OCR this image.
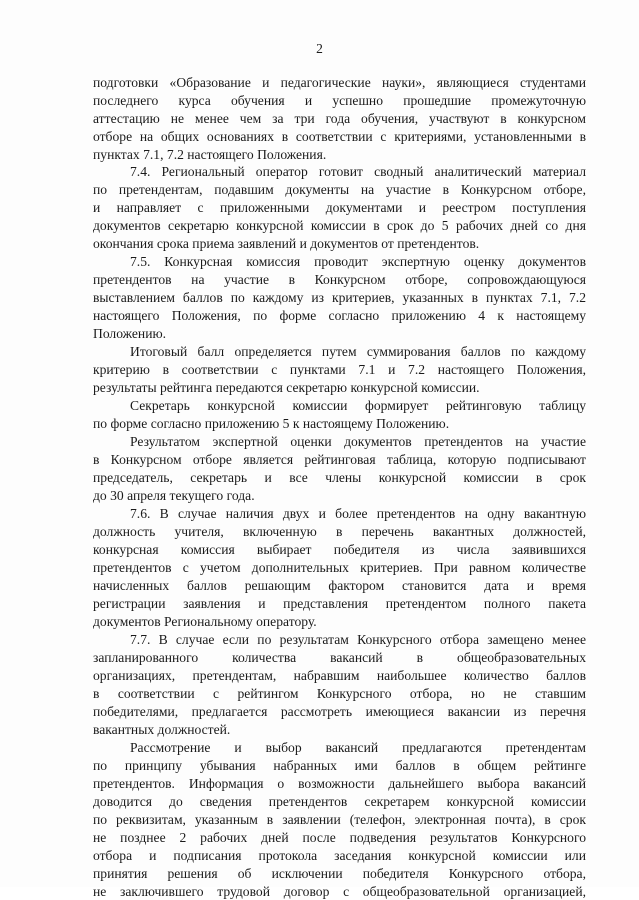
2
подготовки «Образование и педагогические науки», являющиеся студентами
последнего курса обучения и успешно прошедшие промежуточную
аттестацию не менее чем за три года обучения, участвуют в конкурсном
отборе на общих основаниях в соответствии с критериями, установленными в
пунктах 7.1, 7.2 настоящего Положения.
7.4. Региональный оператор готовит сводный аналитический материал
по претендентам, подавшим документы на участие в Конкурсном отборе,
и направляет с приложенными документами и реестром поступления
документов секретарю конкурсной комиссии в срок до 5 рабочих дней со дня
окончания срока приема заявлений и документов от претендентов.
7.5. Конкурсная комиссия проводит экспертную оценку документов
претендентов на участие в Конкурсном отборе, сопровождающуюся
выставлением баллов по каждому из критериев, указанных в пунктах 7.1, 7.2
настоящего Положения, по форме согласно приложению 4 к настоящему
Положению.
Итоговый балл определяется путем суммирования баллов по каждому
критерию в соответствии с пунктами 7.1 и 7.2 настоящего Положения,
результаты рейтинга передаются секретарю конкурсной комиссии.
Секретарь конкурсной комиссии формирует рейтинговую таблицу
по форме согласно приложению 5 к настоящему Положению.
Результатом экспертной оценки документов претендентов на участие
в Конкурсном отборе является рейтинговая таблица, которую подписывают
председатель, секретарь и все члены конкурсной комиссии в срок
до 30 апреля текущего года.
7.6. В случае наличия двух и более претендентов на одну вакантную
должность учителя, включенную в перечень вакантных должностей,
конкурсная комиссия выбирает победителя из числа заявившихся
претендентов с учетом дополнительных критериев. При равном количестве
начисленных баллов решающим фактором становится дата и время
регистрации заявления и представления претендентом полного пакета
документов Региональному оператору.
7.7. В случае если по результатам Конкурсного отбора замещено менее
запланированного количества вакансий в общеобразовательных
организациях, претендентам, набравшим наибольшее количество баллов
в соответствии с рейтингом Конкурсного отбора, но не ставшим
победителями, предлагается рассмотреть имеющиеся вакансии из перечня
вакантных должностей.
Рассмотрение и выбор вакансий предлагаются претендентам
по принципу убывания набранных ими баллов в общем рейтинге
претендентов. Информация о возможности дальнейшего выбора вакансий
доводится до сведения претендентов секретарем конкурсной комиссии
по реквизитам, указанным в заявлении (телефон, электронная почта), в срок
не позднее 2 рабочих дней после подведения результатов Конкурсного
отбора и подписания протокола заседания конкурсной комиссии или
принятия решения об исключении победителя Конкурсного отбора,
не заключившего трудовой договор с общеобразовательной организацией,
